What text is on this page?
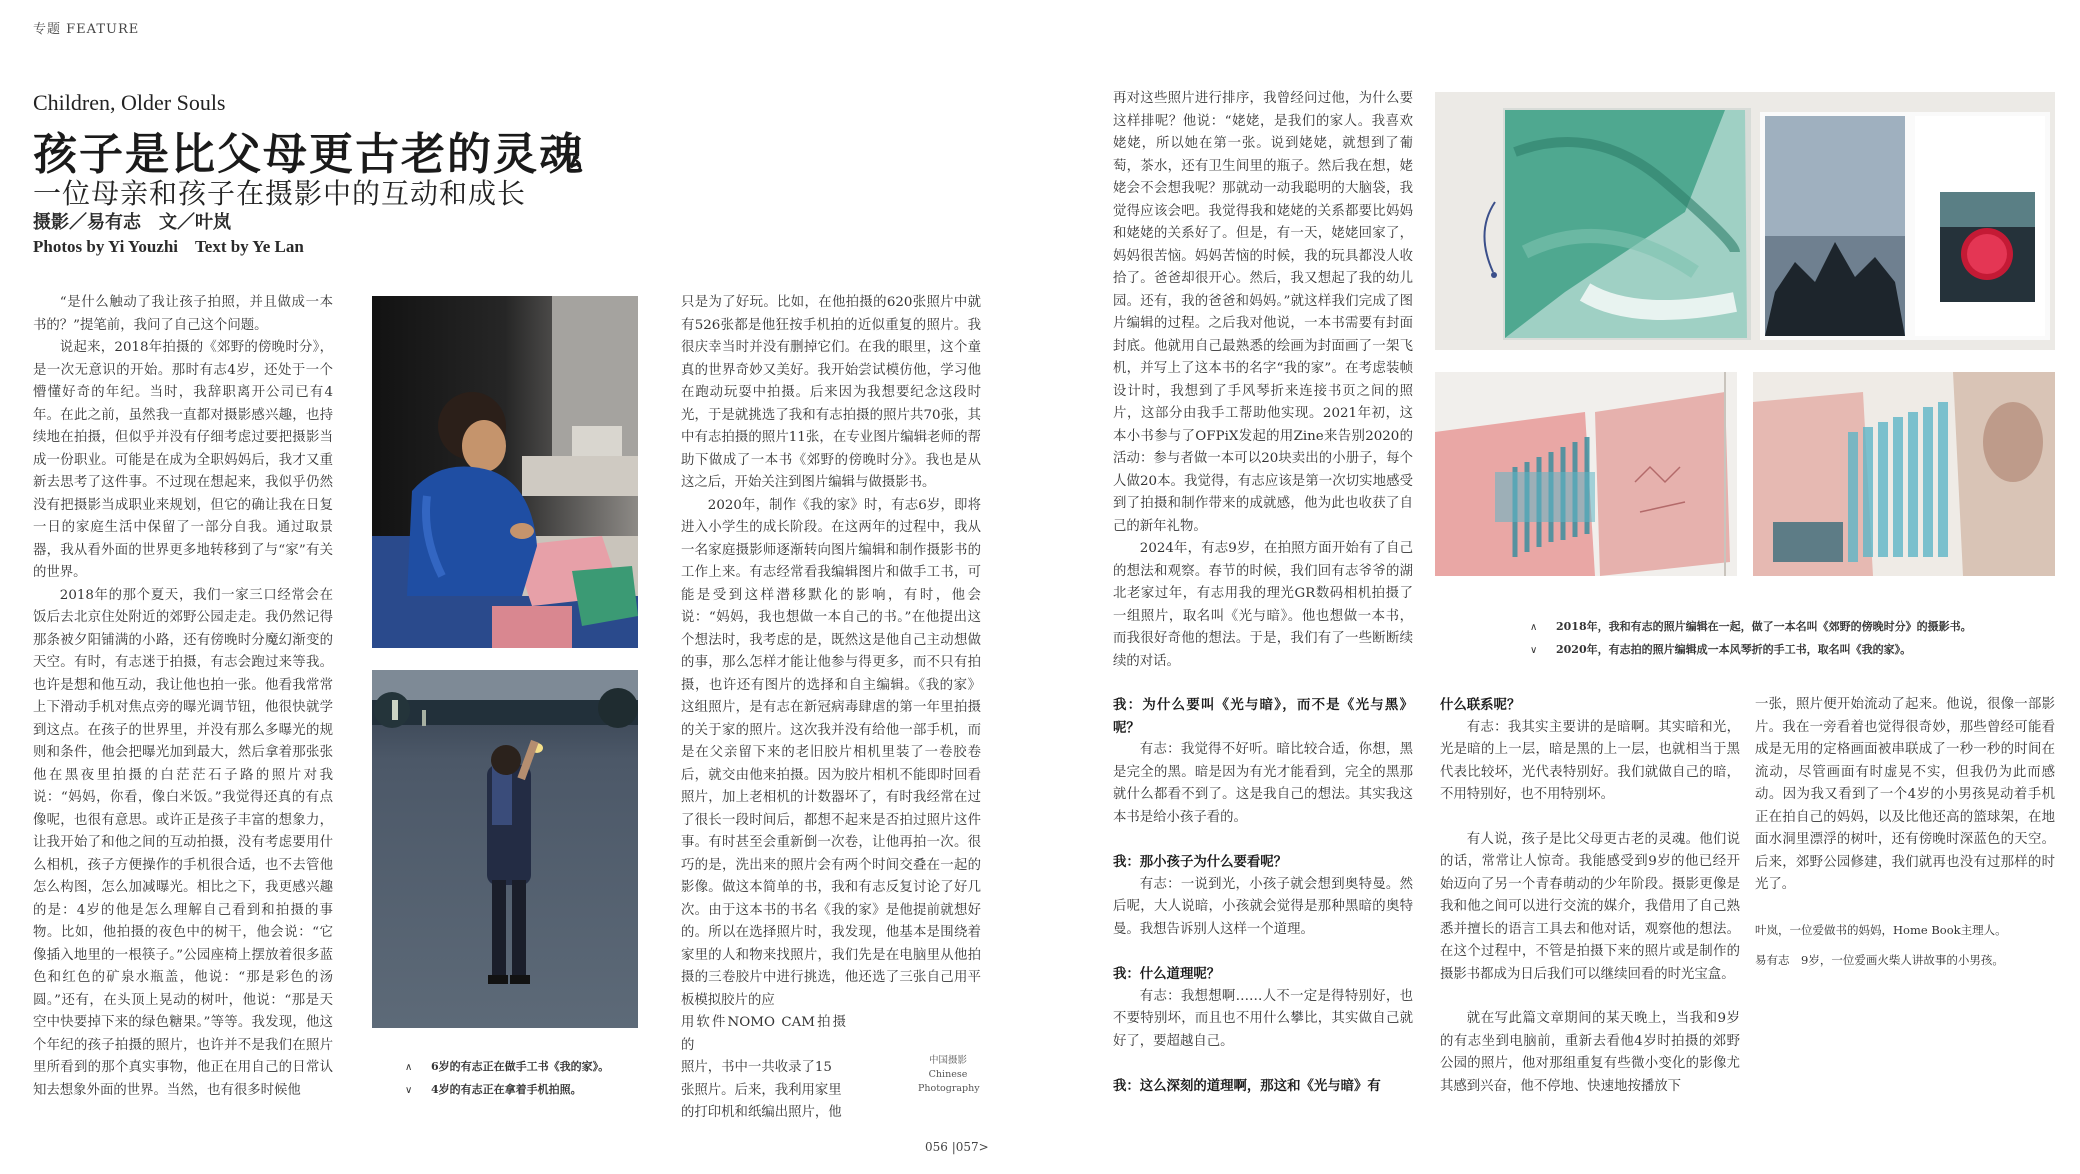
专题 FEATURE
Children, Older Souls
孩子是比父母更古老的灵魂
一位母亲和孩子在摄影中的互动和成长
摄影／易有志　文／叶岚
Photos by Yi Youzhi　Text by Ye Lan

“是什么触动了我让孩子拍照，并且做成一本书的？”提笔前，我问了自己这个问题。

说起来，2018年拍摄的《郊野的傍晚时分》，是一次无意识的开始。那时有志4岁，还处于一个懵懂好奇的年纪。当时，我辞职离开公司已有4年。在此之前，虽然我一直都对摄影感兴趣，也持续地在拍摄，但似乎并没有仔细考虑过要把摄影当成一份职业。可能是在成为全职妈妈后，我才又重新去思考了这件事。不过现在想起来，我似乎仍然没有把摄影当成职业来规划，但它的确让我在日复一日的家庭生活中保留了一部分自我。通过取景器，我从看外面的世界更多地转移到了与“家”有关的世界。

2018年的那个夏天，我们一家三口经常会在饭后去北京住处附近的郊野公园走走。我仍然记得那条被夕阳铺满的小路，还有傍晚时分魔幻渐变的天空。有时，有志迷于拍摄，有志会跑过来等我。也许是想和他互动，我让他也拍一张。他看我常常上下滑动手机对焦点旁的曝光调节钮，他很快就学到这点。在孩子的世界里，并没有那么多曝光的规则和条件，他会把曝光加到最大，然后拿着那张张他在黑夜里拍摄的白茫茫石子路的照片对我说：“妈妈，你看，像白米饭。”我觉得还真的有点像呢，也很有意思。或许正是孩子丰富的想象力，让我开始了和他之间的互动拍摄，没有考虑要用什么相机，孩子方便操作的手机很合适，也不去管他怎么构图，怎么加减曝光。相比之下，我更感兴趣的是：4岁的他是怎么理解自己看到和拍摄的事物。比如，他拍摄的夜色中的树干，他会说：“它像插入地里的一根筷子。”公园座椅上摆放着很多蓝色和红色的矿泉水瓶盖，他说：“那是彩色的汤圆。”还有，在头顶上晃动的树叶，他说：“那是天空中快要掉下来的绿色糖果。”等等。我发现，他这个年纪的孩子拍摄的照片，也许并不是我们在照片里所看到的那个真实事物，他正在用自己的日常认知去想象外面的世界。当然，也有很多时候他

∧ 6岁的有志正在做手工书《我的家》。
∨ 4岁的有志正在拿着手机拍照。

只是为了好玩。比如，在他拍摄的620张照片中就有526张都是他狂按手机拍的近似重复的照片。我很庆幸当时并没有删掉它们。在我的眼里，这个童真的世界奇妙又美好。我开始尝试模仿他，学习他在跑动玩耍中拍摄。后来因为我想要纪念这段时光，于是就挑选了我和有志拍摄的照片共70张，其中有志拍摄的照片11张，在专业图片编辑老师的帮助下做成了一本书《郊野的傍晚时分》。我也是从这之后，开始关注到图片编辑与做摄影书。

2020年，制作《我的家》时，有志6岁，即将进入小学生的成长阶段。在这两年的过程中，我从一名家庭摄影师逐渐转向图片编辑和制作摄影书的工作上来。有志经常看我编辑图片和做手工书，可能是受到这样潜移默化的影响，有时，他会说：“妈妈，我也想做一本自己的书。”在他提出这个想法时，我考虑的是，既然这是他自己主动想做的事，那么怎样才能让他参与得更多，而不只有拍摄，也许还有图片的选择和自主编辑。《我的家》这组照片，是有志在新冠病毒肆虐的第一年里拍摄的关于家的照片。这次我并没有给他一部手机，而是在父亲留下来的老旧胶片相机里装了一卷胶卷后，就交由他来拍摄。因为胶片相机不能即时回看照片，加上老相机的计数器坏了，有时我经常在过了很长一段时间后，都想不起来是否拍过照片这件事。有时甚至会重新倒一次卷，让他再拍一次。很巧的是，洗出来的照片会有两个时间交叠在一起的影像。做这本简单的书，我和有志反复讨论了好几次。由于这本书的书名《我的家》是他提前就想好的。所以在选择照片时，我发现，他基本是围绕着家里的人和物来找照片，我们先是在电脑里从他拍摄的三卷胶片中进行挑选，他还选了三张自己用平板模拟胶片的应

用软件NOMO CAM拍摄的

照片，书中一共收录了15

张照片。后来，我利用家里

的打印机和纸编出照片，他

中国摄影
Chinese
Photography

再对这些照片进行排序，我曾经问过他，为什么要这样排呢？他说：“姥姥，是我们的家人。我喜欢姥姥，所以她在第一张。说到姥姥，就想到了葡萄，茶水，还有卫生间里的瓶子。然后我在想，姥姥会不会想我呢？那就动一动我聪明的大脑袋，我觉得应该会吧。我觉得我和姥姥的关系都要比妈妈和姥姥的关系好了。但是，有一天，姥姥回家了，妈妈很苦恼。妈妈苦恼的时候，我的玩具都没人收拾了。爸爸却很开心。然后，我又想起了我的幼儿园。还有，我的爸爸和妈妈。”就这样我们完成了图片编辑的过程。之后我对他说，一本书需要有封面封底。他就用自己最熟悉的绘画为封面画了一架飞机，并写上了这本书的名字“我的家”。在考虑装帧设计时，我想到了手风琴折来连接书页之间的照片，这部分由我手工帮助他实现。2021年初，这本小书参与了OFPiX发起的用Zine来告别2020的活动：参与者做一本可以20块卖出的小册子，每个人做20本。我觉得，有志应该是第一次切实地感受到了拍摄和制作带来的成就感，他为此也收获了自己的新年礼物。

2024年，有志9岁，在拍照方面开始有了自己的想法和观察。春节的时候，我们回有志爷爷的湖北老家过年，有志用我的理光GR数码相机拍摄了一组照片，取名叫《光与暗》。他也想做一本书，而我很好奇他的想法。于是，我们有了一些断断续续的对话。

∧ 2018年，我和有志的照片编辑在一起，做了一本名叫《郊野的傍晚时分》的摄影书。
∨ 2020年，有志拍的照片编辑成一本风琴折的手工书，取名叫《我的家》。

我：为什么要叫《光与暗》，而不是《光与黑》呢？

有志：我觉得不好听。暗比较合适，你想，黑是完全的黑。暗是因为有光才能看到，完全的黑那就什么都看不到了。这是我自己的想法。其实我这本书是给小孩子看的。

我：那小孩子为什么要看呢？

有志：一说到光，小孩子就会想到奥特曼。然后呢，大人说暗，小孩就会觉得是那种黑暗的奥特曼。我想告诉别人这样一个道理。

我：什么道理呢？

有志：我想想啊……人不一定是得特别好，也不要特别坏，而且也不用什么攀比，其实做自己就好了，要超越自己。

我：这么深刻的道理啊，那这和《光与暗》有

什么联系呢？

有志：我其实主要讲的是暗啊。其实暗和光，光是暗的上一层，暗是黑的上一层，也就相当于黑代表比较坏，光代表特别好。我们就做自己的暗，不用特别好，也不用特别坏。

有人说，孩子是比父母更古老的灵魂。他们说的话，常常让人惊奇。我能感受到9岁的他已经开始迈向了另一个青春萌动的少年阶段。摄影更像是我和他之间可以进行交流的媒介，我借用了自己熟悉并擅长的语言工具去和他对话，观察他的想法。在这个过程中，不管是拍摄下来的照片或是制作的摄影书都成为日后我们可以继续回看的时光宝盒。

就在写此篇文章期间的某天晚上，当我和9岁的有志坐到电脑前，重新去看他4岁时拍摄的郊野公园的照片，他对那组重复有些微小变化的影像尤其感到兴奋，他不停地、快速地按播放下

一张，照片便开始流动了起来。他说，很像一部影片。我在一旁看着也觉得很奇妙，那些曾经可能看成是无用的定格画面被串联成了一秒一秒的时间在流动，尽管画面有时虚晃不实，但我仍为此而感动。因为我又看到了一个4岁的小男孩晃动着手机正在拍自己的妈妈，以及比他还高的篮球架，在地面水洞里漂浮的树叶，还有傍晚时深蓝色的天空。后来，郊野公园修建，我们就再也没有过那样的时光了。

叶岚，一位爱做书的妈妈，Home Book主理人。
易有志　9岁，一位爱画火柴人讲故事的小男孩。
056 |057>
